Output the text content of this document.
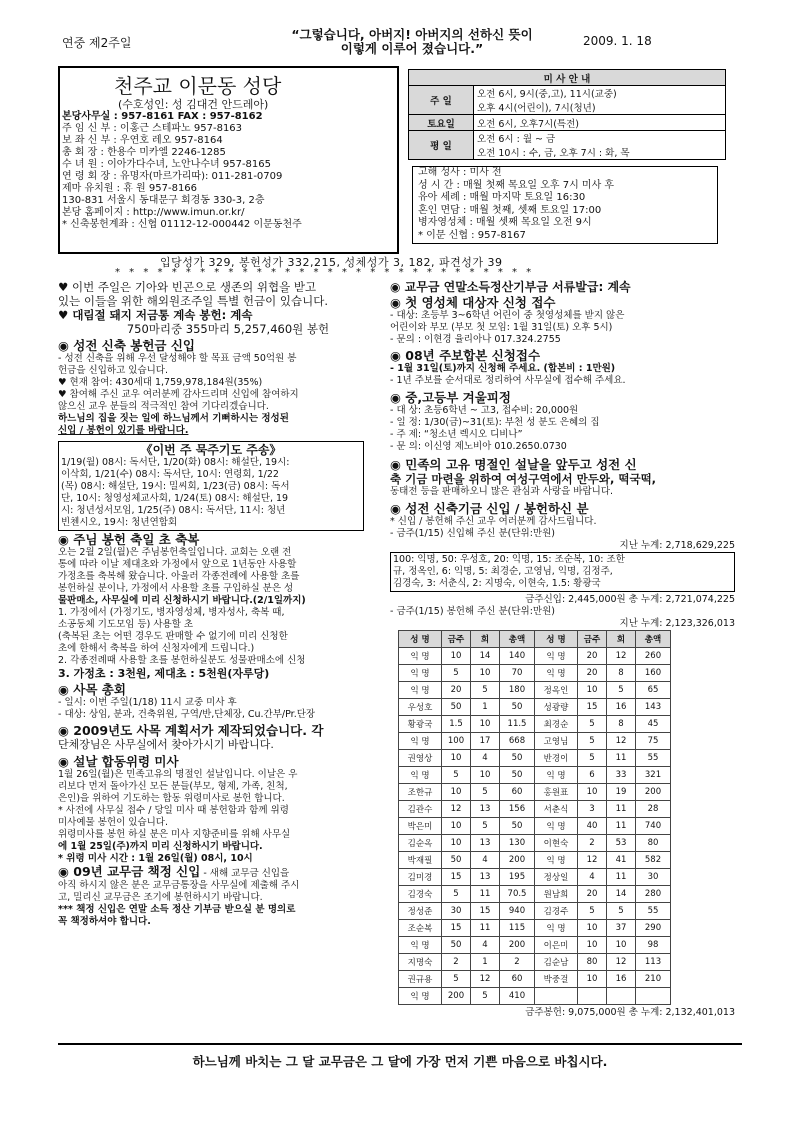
연중 제2주일
“그렇습니다, 아버지! 아버지의 선하신 뜻이
이렇게 이루어 졌습니다.”	2009. 1. 18
천주교 이문동 성당
(수호성인: 성 김대건 안드레아)
본당사무실 : 957-8161 FAX : 957-8162
주 임 신 부 : 이홍근 스테파노 957-8163
보 좌 신 부 : 우연호 레오 957-8164
총 회 장 : 한용수 미카엘 2246-1285
수 녀 원 : 이아가다수녀, 노안나수녀 957-8165
연 령 회 장 : 유명자(마르가리따): 011-281-0709
제마 유치원 : 휴 원 957-8166
130-831 서울시 동대문구 회경동 330-3, 2층
본당 홈페이지 : http://www.imun.or.kr/
* 신축봉헌계좌 : 신협 01112-12-000442 이문동천주
미 사 안 내	
주 일	오전 6시, 9시(중,고), 11시(교중)
오후 4시(어린이), 7시(청년)

토요일	오전 6시, 오후7시(특전)
평 일	오전 6시 : 월 ~ 금
오전 10시 : 수, 금, 오후 7시 : 화, 목
고해 성사 : 미사 전
성 시 간 : 매월 첫째 목요일 오후 7시 미사 후
유아 세례 : 매월 마지막 토요일 16:30
혼인 면담 : 매월 첫째, 셋째 토요일 17:00
병자영성체 : 매월 셋째 목요일 오전 9시
* 이문 신협 : 957-8167
입당성가 329, 봉헌성가 332,215, 성체성가 3, 182, 파견성가 39
* * * * * * * * * * * * * * * * * * * * * * * * * * * * * *
♥ 이번 주일은 기아와 빈곤으로 생존의 위협을 받고
있는 이들을 위한 해외원조주일 특별 헌금이 있습니다.
♥ 대림절 돼지 저금통 계속 봉헌: 계속
750마리중 355마리 5,257,460원 봉헌
◉ 성전 신축 봉헌금 신입
- 성전 신축을 위해 우선 달성해야 할 목표 금액 50억원 봉
헌금을 신입하고 있습니다.
♥ 현재 참여: 430세대 1,759,978,184원(35%)
♥ 참여해 주신 교우 여러분께 감사드리며 신입에 참여하지
않으신 교우 분들의 적극적인 참여 기다리겠습니다.
하느님의 집을 짓는 일에 하느님께서 기뻐하시는 정성된
신입 / 봉헌이 있기를 바랍니다.
《이번 주 묵주기도 주송》
1/19(월) 08시: 독서단, 1/20(화) 08시: 해설단, 19시:
이삭회, 1/21(수) 08시: 독서단, 10시: 연령회, 1/22
(목) 08시: 해설단, 19시: 밀씨회, 1/23(금) 08시: 독서
단, 10시: 청영성체교사회, 1/24(토) 08시: 해설단, 19
시: 청년성서모임, 1/25(주) 08시: 독서단, 11시: 청년
빈첸시오, 19시: 청년연합회
◉ 주님 봉헌 축일 초 축복
오는 2월 2일(월)은 주님봉헌축일입니다. 교회는 오랜 전
통에 따라 이날 제대초와 가정에서 앞으로 1년동안 사용할
가정초를 축복해 왔습니다. 아울러 각종전례에 사용할 초를
봉헌하실 분이나, 가정에서 사용할 초를 구입하실 분은 성
물판매소, 사무실에 미리 신청하시기 바랍니다.(2/1일까지)
1. 가정에서 (가정기도, 병자영성체, 병자성사, 축복 때,
소공동체 기도모임 등) 사용할 초
(축복된 초는 어떤 경우도 판매할 수 없기에 미리 신청한
초에 한해서 축복을 하여 신청자에게 드립니다.)
2. 각종전례때 사용할 초를 봉헌하실분도 성물판매소에 신청
3. 가정초 : 3천원, 제대초 : 5천원(자루당)
◉ 사목 총회
- 일시: 이번 주일(1/18) 11시 교중 미사 후
- 대상: 상임, 분과, 건축위원, 구역/반,단체장, Cu.간부/Pr.단장
◉ 2009년도 사목 계획서가 제작되었습니다. 각
단체장님은 사무실에서 찾아가시기 바랍니다.
◉ 설날 합동위령 미사
1월 26일(월)은 민족고유의 명절인 설날입니다. 이날은 우
리보다 먼저 돌아가신 모든 분들(부모, 형제, 가족, 친척,
은인)을 위하여 기도하는 합동 위령미사로 봉헌 합니다.
* 사전에 사무실 접수 / 당일 미사 때 봉헌함과 함께 위령
미사예물 봉헌이 있습니다.
위령미사를 봉헌 하실 분은 미사 지향준비를 위해 사무실
에 1월 25일(주)까지 미리 신청하시기 바랍니다.
* 위령 미사 시간 : 1월 26일(월) 08시, 10시
◉ 09년 교무금 책정 신입 - 새해 교무금 신입을
아직 하시지 않은 분은 교무금통장을 사무실에 제출해 주시
고, 밀리신 교무금은 조기에 봉헌하시기 바랍니다.
*** 책정 신입은 연말 소득 정산 기부금 받으실 분 명의로
꼭 책정하셔야 합니다.
◉ 교무금 연말소득정산기부금 서류발급: 계속
◉ 첫 영성체 대상자 신청 접수
- 대상: 초등부 3~6학년 어린이 중 첫영성체를 받지 않은
어린이와 부모 (부모 첫 모임: 1월 31일(토) 오후 5시)
- 문의 : 이현경 율리아나 017.324.2755
◉ 08년 주보합본 신청접수
- 1월 31일(토)까지 신청해 주세요. (합본비 : 1만원)
- 1년 주보를 순서대로 정리하여 사무실에 접수해 주세요.
◉ 중,고등부 겨울피정
- 대 상: 초등6학년 ~ 고3, 접수비: 20,000원
- 일 정: 1/30(금)~31(토): 부천 성 분도 은혜의 집
- 주 제: “청소년 렉시오 디비나”
- 문 의: 이신영 제노비아 010.2650.0730
◉ 민족의 고유 명절인 설날을 앞두고 성전 신
축 기금 마련을 위하여 여성구역에서 만두와, 떡국떡,
동태전 등을 판매하오니 많은 관심과 사랑을 바랍니다.
◉ 성전 신축기금 신입 / 봉헌하신 분
* 신입 / 봉헌해 주신 교우 여러분께 감사드립니다.
- 금주(1/15) 신입해 주신 분(단위:만원)
지난 누계: 2,718,629,225
100: 익명, 50: 우성호, 20: 익명, 15: 조순복, 10: 조한
규, 정옥인, 6: 익명, 5: 최경순, 고영님, 익명, 김정주,
김경숙, 3: 서춘식, 2: 지명숙, 이현숙, 1.5: 황광국
금주신입: 2,445,000원 총 누계: 2,721,074,225
- 금주(1/15) 봉헌해 주신 분(단위:만원)
지난 누계: 2,123,326,013
성 명	금주	회	총액	성 명	금주	회	총액
익 명	10	14	140	익 명	20	12	260
익 명	5	10	70	익 명	20	8	160
익 명	20	5	180	정옥인	10	5	65
우성호	50	1	50	성광량	15	16	143
황광국	1.5	10	11.5	최경순	5	8	45
익 명	100	17	668	고영님	5	12	75
권영상	10	4	50	반경이	5	11	55
익 명	5	10	50	익 명	6	33	321
조한규	10	5	60	홍원표	10	19	200
김관수	12	13	156	서춘식	3	11	28
박은미	10	5	50	익 명	40	11	740
김순옥	10	13	130	이현숙	2	53	80
박재필	50	4	200	익 명	12	41	582
김미경	15	13	195	정상일	4	11	30
김경숙	5	11	70.5	원남희	20	14	280
정성준	30	15	940	김경주	5	5	55
조순복	15	11	115	익 명	10	37	290
익 명	50	4	200	이은미	10	10	98
지명숙	2	1	2	김순남	80	12	113
권규용	5	12	60	박중걸	10	16	210
익 명	200	5	410				
금주봉헌: 9,075,000원 총 누계: 2,132,401,013
하느님께 바치는 그 달 교무금은 그 달에 가장 먼저 기쁜 마음으로 바칩시다.
